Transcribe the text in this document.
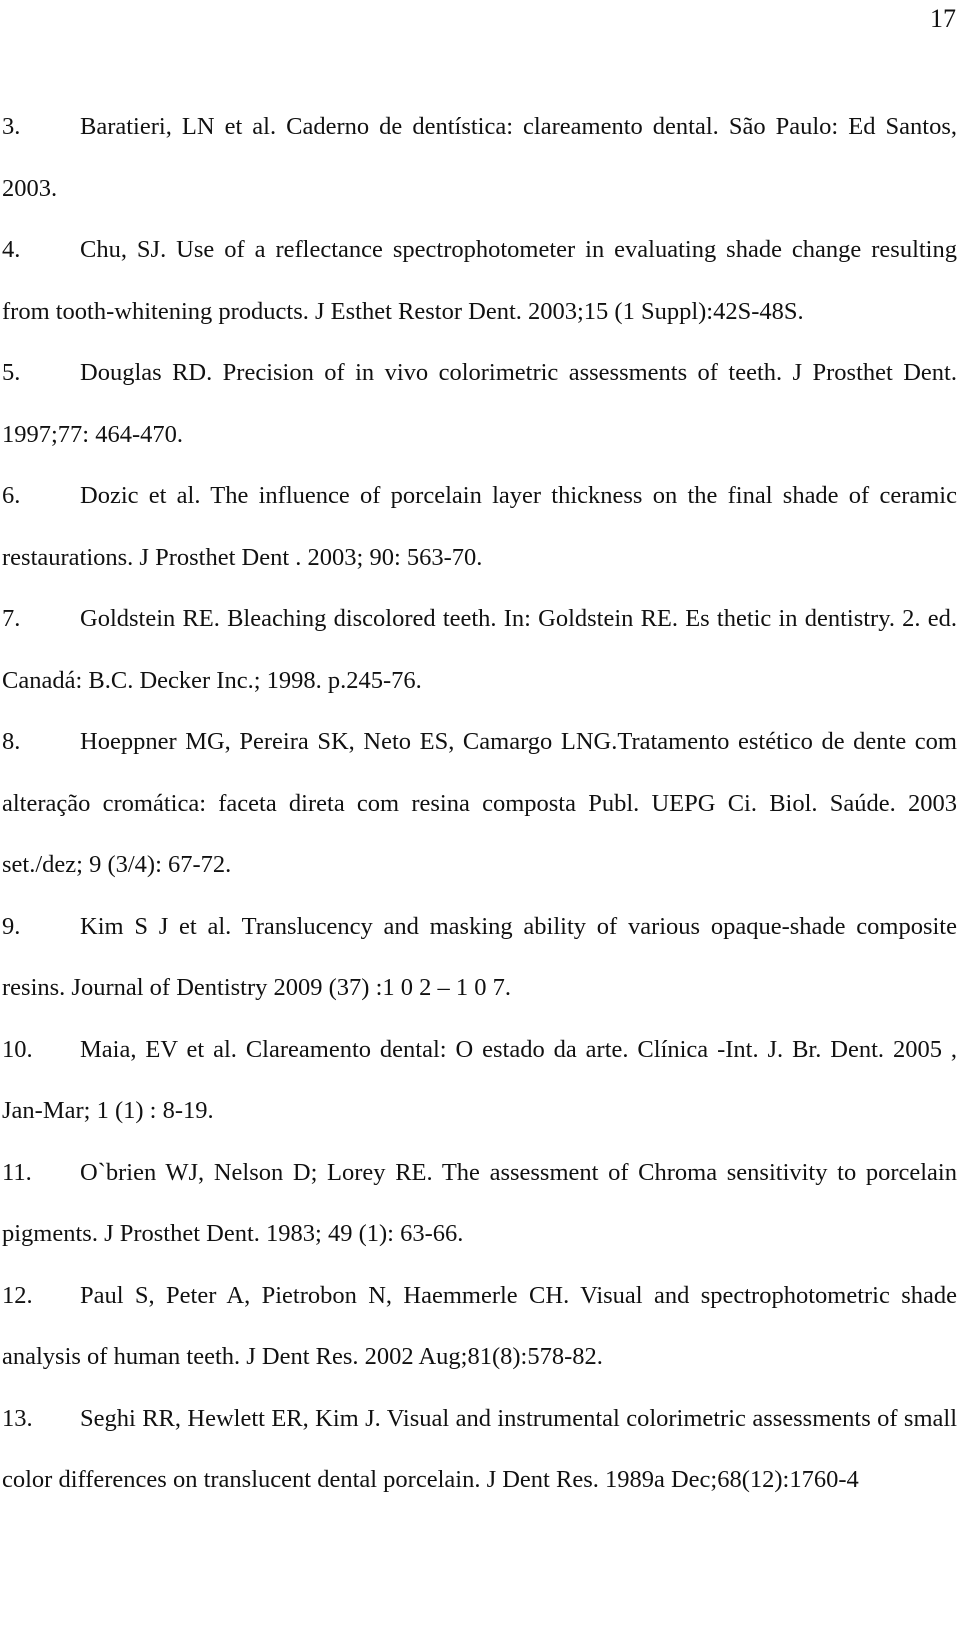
17

3. Baratieri, LN et al. Caderno de dentística: clareamento dental. São Paulo: Ed Santos, 2003.

4. Chu, SJ. Use of a reflectance spectrophotometer in evaluating shade change resulting from tooth-whitening products. J Esthet Restor Dent. 2003;15 (1 Suppl):42S-48S.

5. Douglas RD. Precision of in vivo colorimetric assessments of teeth. J Prosthet Dent. 1997;77: 464-470.

6. Dozic et al. The influence of porcelain layer thickness on the final shade of ceramic restaurations. J Prosthet Dent . 2003; 90: 563-70.

7. Goldstein RE. Bleaching discolored teeth. In: Goldstein RE. Es thetic in dentistry. 2. ed. Canadá: B.C. Decker Inc.; 1998. p.245-76.

8. Hoeppner MG, Pereira SK, Neto ES, Camargo LNG.Tratamento estético de dente com alteração cromática: faceta direta com resina composta Publ. UEPG Ci. Biol. Saúde. 2003 set./dez; 9 (3/4): 67-72.

9. Kim S J et al. Translucency and masking ability of various opaque-shade composite resins. Journal of Dentistry 2009 (37) :1 0 2 – 1 0 7.

10. Maia, EV et al. Clareamento dental: O estado da arte. Clínica -Int. J. Br. Dent. 2005 , Jan-Mar; 1 (1) : 8-19.

11. O`brien WJ, Nelson D; Lorey RE. The assessment of Chroma sensitivity to porcelain pigments. J Prosthet Dent. 1983; 49 (1): 63-66.

12. Paul S, Peter A, Pietrobon N, Haemmerle CH. Visual and spectrophotometric shade analysis of human teeth. J Dent Res. 2002 Aug;81(8):578-82.

13. Seghi RR, Hewlett ER, Kim J. Visual and instrumental colorimetric assessments of small color differences on translucent dental porcelain. J Dent Res. 1989a Dec;68(12):1760-4
